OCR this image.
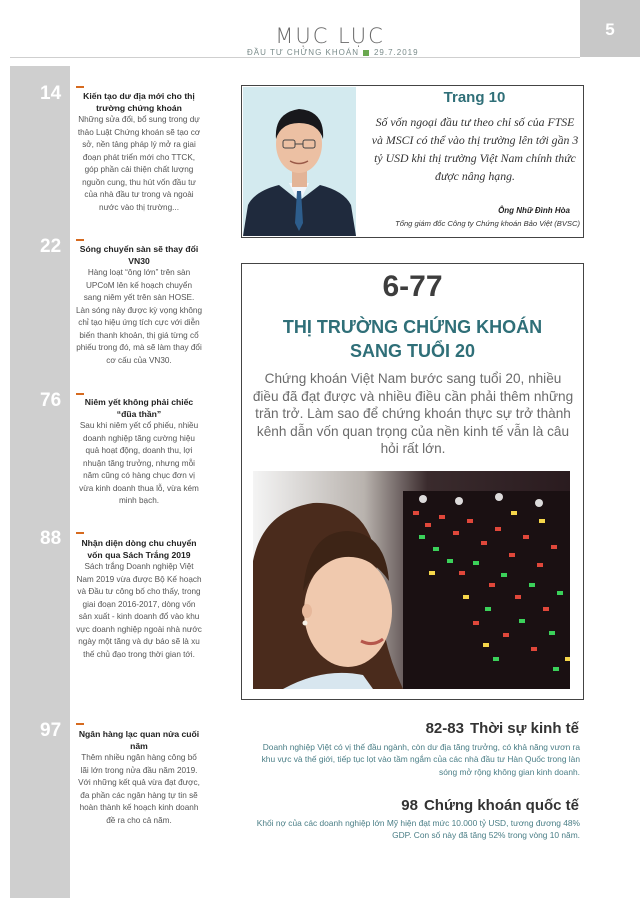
MỤC LỤC
ĐẦU TƯ CHỨNG KHOÁN 29.7.2019
5
14	Kiến tạo dư địa mới cho thị trường chứng khoán
Những sửa đổi, bổ sung trong dự thảo Luật Chứng khoán sẽ tạo cơ sở, nền tảng pháp lý mở ra giai đoạn phát triển mới cho TTCK, góp phần cải thiện chất lượng nguồn cung, thu hút vốn đầu tư của nhà đầu tư trong và ngoài nước vào thị trường...
22	Sóng chuyển sàn sẽ thay đổi VN30
Hàng loạt “ông lớn” trên sàn UPCoM lên kế hoạch chuyển sang niêm yết trên sàn HOSE. Làn sóng này được kỳ vọng không chỉ tạo hiệu ứng tích cực với diễn biến thanh khoản, thị giá từng cổ phiếu trong đó, mà sẽ làm thay đổi cơ cấu của VN30.
76	Niêm yết không phải chiếc “đũa thần”
Sau khi niêm yết cổ phiếu, nhiều doanh nghiệp tăng cường hiệu quả hoạt động, doanh thu, lợi nhuận tăng trưởng, nhưng mỗi năm cũng có hàng chục đơn vị vừa kinh doanh thua lỗ, vừa kém minh bạch.
88	Nhận diện dòng chu chuyển vốn qua Sách Trắng 2019
Sách trắng Doanh nghiệp Việt Nam 2019 vừa được Bộ Kế hoạch và Đầu tư công bố cho thấy, trong giai đoạn 2016-2017, dòng vốn sản xuất - kinh doanh đổ vào khu vực doanh nghiệp ngoài nhà nước ngày một tăng và dự báo sẽ là xu thế chủ đạo trong thời gian tới.
97	Ngân hàng lạc quan nửa cuối năm
Thêm nhiều ngân hàng công bố lãi lớn trong nửa đầu năm 2019. Với những kết quả vừa đạt được, đa phần các ngân hàng tự tin sẽ hoàn thành kế hoạch kinh doanh đề ra cho cả năm.
Trang 10
Số vốn ngoại đầu tư theo chỉ số của FTSE và MSCI có thể vào thị trường lên tới gần 3 tỷ USD khi thị trường Việt Nam chính thức được nâng hạng.
Ông Nhữ Đình Hòa
Tổng giám đốc Công ty Chứng khoán Bảo Việt (BVSC)
6-77
THỊ TRƯỜNG CHỨNG KHOÁN
SANG TUỔI 20
Chứng khoán Việt Nam bước sang tuổi 20, nhiều điều đã đạt được và nhiều điều cần phải thêm những trăn trở. Làm sao để chứng khoán thực sự trở thành kênh dẫn vốn quan trọng của nền kinh tế vẫn là câu hỏi rất lớn.
82-83 Thời sự kinh tế
Doanh nghiệp Việt có vị thế đầu ngành, còn dư địa tăng trưởng, có khả năng vươn ra khu vực và thế giới, tiếp tục lọt vào tầm ngắm của các nhà đầu tư Hàn Quốc trong làn sóng mở rộng không gian kinh doanh.
98 Chứng khoán quốc tế
Khối nợ của các doanh nghiệp lớn Mỹ hiện đạt mức 10.000 tỷ USD, tương đương 48% GDP. Con số này đã tăng 52% trong vòng 10 năm.
